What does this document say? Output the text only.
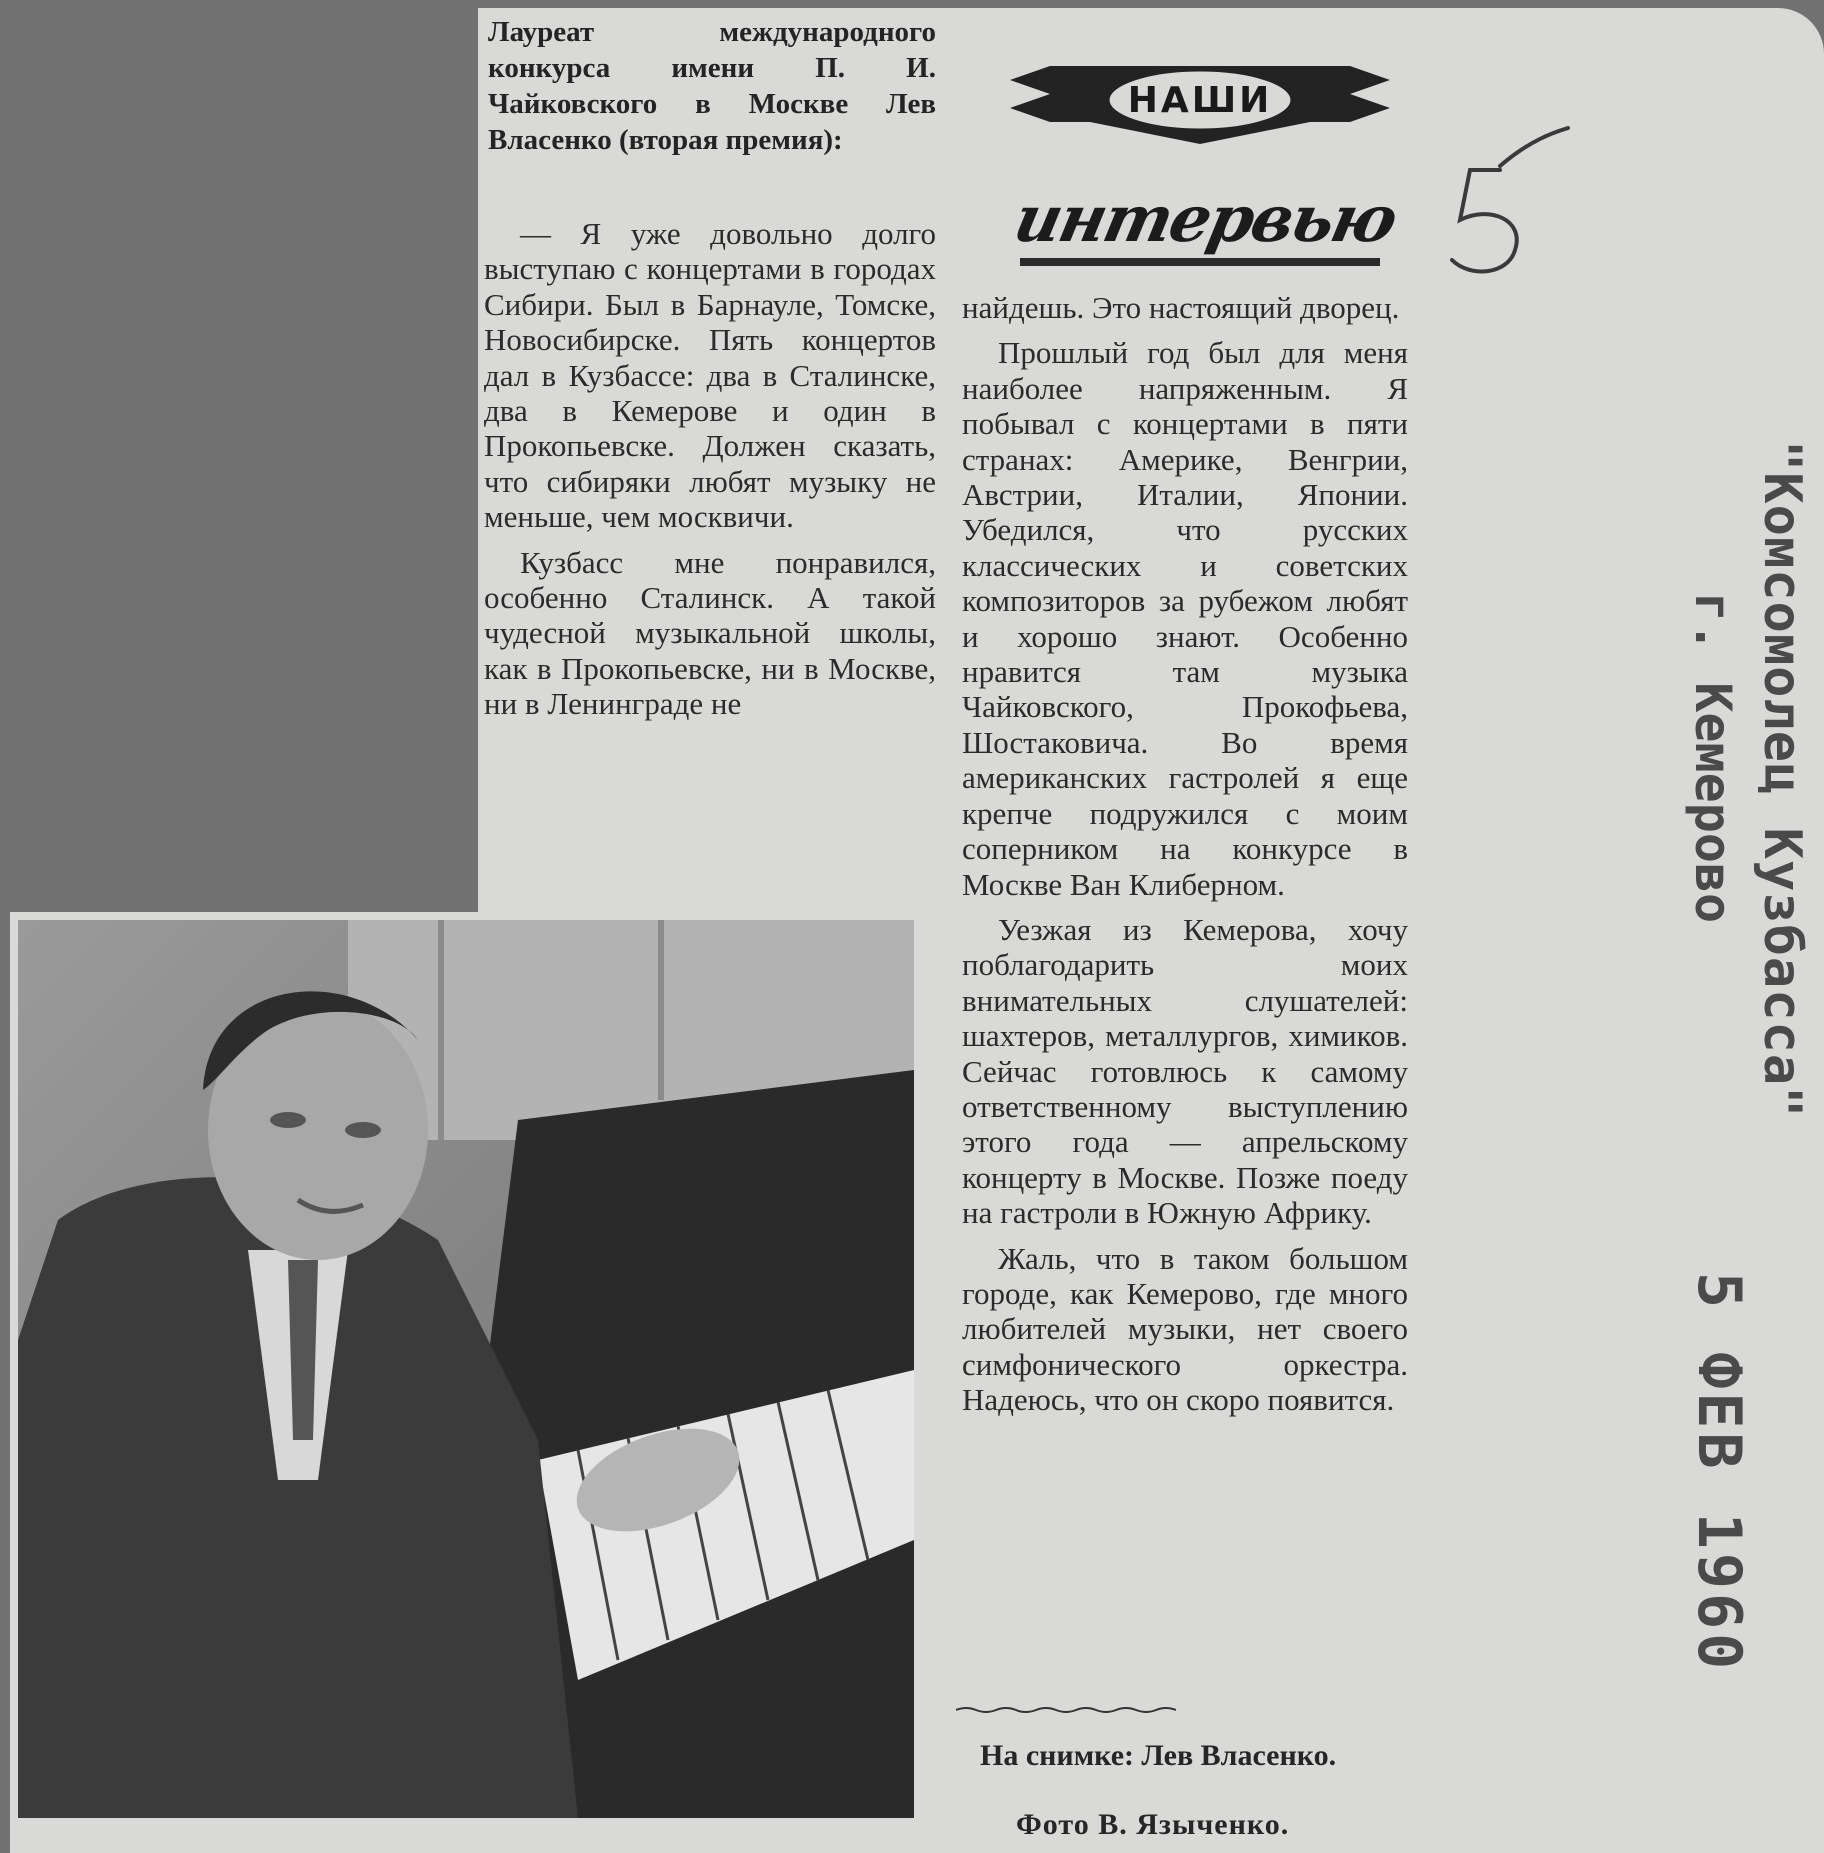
Лауреат международного конкурса имени П. И. Чайковского в Москве Лев Власенко (вторая премия):
НАШИ
интервью

— Я уже довольно долго выступаю с концертами в городах Сибири. Был в Барнауле, Томске, Новосибирске. Пять концертов дал в Кузбассе: два в Сталинске, два в Кемерове и один в Прокопьевске. Должен сказать, что сибиряки любят музыку не меньше, чем москвичи.

Кузбасс мне понравился, особенно Сталинск. А такой чудесной музыкальной школы, как в Прокопьевске, ни в Москве, ни в Ленинграде не

найдешь. Это настоящий дворец.

Прошлый год был для меня наиболее напряженным. Я побывал с концертами в пяти странах: Америке, Венгрии, Австрии, Италии, Японии. Убедился, что русских классических и советских композиторов за рубежом любят и хорошо знают. Особенно нравится там музыка Чайковского, Прокофьева, Шостаковича. Во время американских гастролей я еще крепче подружился с моим соперником на конкурсе в Москве Ван Клиберном.

Уезжая из Кемерова, хочу поблагодарить моих внимательных слушателей: шахтеров, металлургов, химиков. Сейчас готовлюсь к самому ответственному выступлению этого года — апрельскому концерту в Москве. Позже поеду на гастроли в Южную Африку.

Жаль, что в таком большом городе, как Кемерово, где много любителей музыки, нет своего симфонического оркестра. Надеюсь, что он скоро появится.

На снимке: Лев Власенко.
Фото В. Языченко.
"Комсомолец Кузбасса"
г. Кемерово
5 ФЕВ 1960
